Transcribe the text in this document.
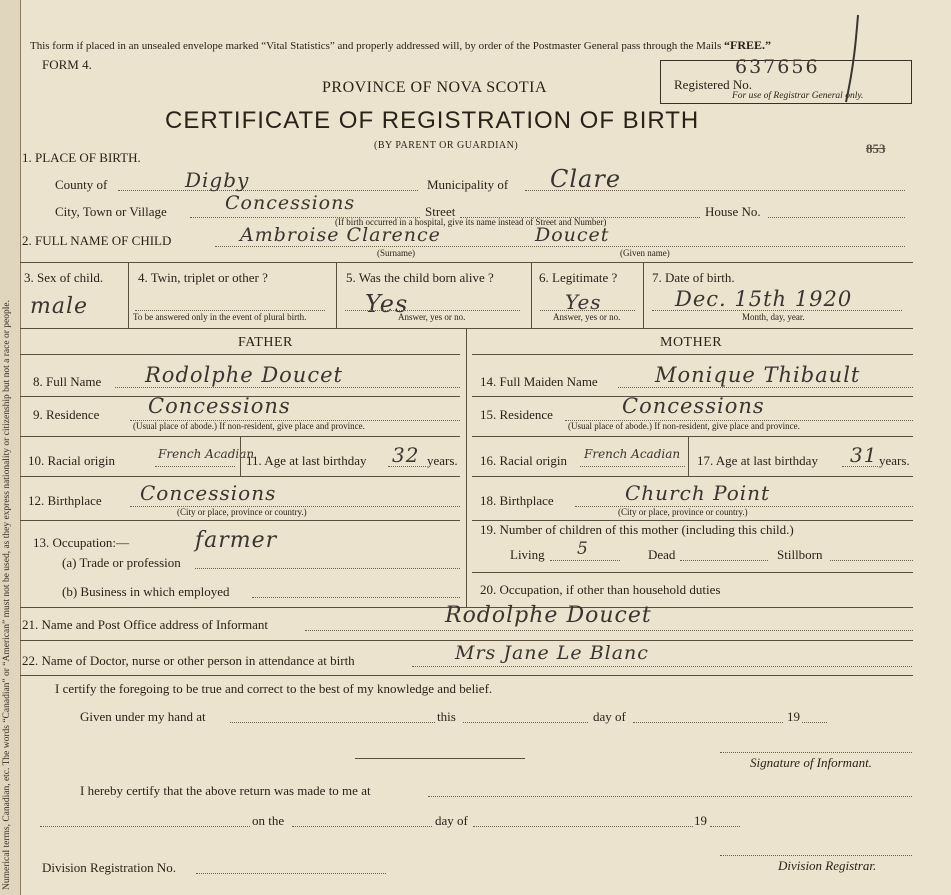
Numerical terms, Canadian, etc. The words “Canadian” or “American” must not be used, as they express nationality or citizenship but not a race or people.
This form if placed in an unsealed envelope marked “Vital Statistics” and properly addressed will, by order of the Postmaster General pass through the Mails “FREE.”
FORM 4.
PROVINCE OF NOVA SCOTIA
CERTIFICATE OF REGISTRATION OF BIRTH
(BY PARENT OR GUARDIAN)
637656
Registered No.
For use of Registrar General only.
853
1. PLACE OF BIRTH.
County of	Digby	Municipality of Clare
City, Town or Village	Concessions	Street
(If birth occurred in a hospital, give its name instead of Street and Number)
House No.
2. FULL NAME OF CHILD	Ambroise Clarence	Doucet
(Surname)	(Given name)
3. Sex of child.
male
4. Twin, triplet or other ?
To be answered only in the event of plural birth.
5. Was the child born alive ?
Yes
Answer, yes or no.
6. Legitimate ?
Yes
Answer, yes or no.
7. Date of birth.
Dec. 15th 1920
Month, day, year.
FATHER	MOTHER
8. Full Name Rodolphe Doucet
9. Residence Concessions
(Usual place of abode.) If non-resident, give place and province.
10. Racial origin	French Acadian
11. Age at last birthday 32 years.
12. Birthplace Concessions
(City or place, province or country.)
13. Occupation:—	farmer
(a) Trade or profession
(b) Business in which employed
14. Full Maiden Name	Monique Thibault
15. Residence	Concessions
(Usual place of abode.) If non-resident, give place and province.
16. Racial origin French Acadian 17. Age at last birthday 31 years.
18. Birthplace	Church Point
(City or place, province or country.)
19. Number of children of this mother (including this child.)
Living 5	Dead	Stillborn
20. Occupation, if other than household duties
21. Name and Post Office address of Informant	Rodolphe Doucet
22. Name of Doctor, nurse or other person in attendance at birth	Mrs Jane Le Blanc
I certify the foregoing to be true and correct to the best of my knowledge and belief.
Given under my hand at	this	day of	19
Signature of Informant.
I hereby certify that the above return was made to me at
on the	day of	19
Division Registration No.	Division Registrar.
